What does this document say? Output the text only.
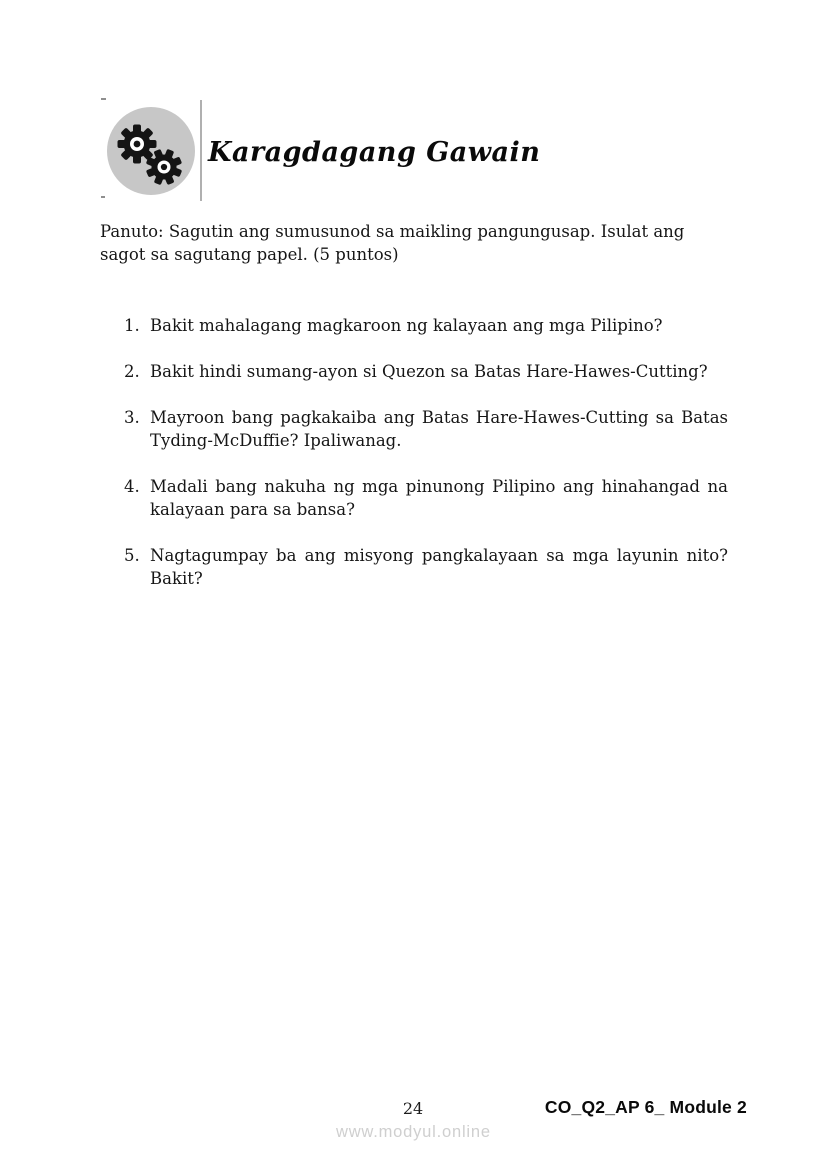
Karagdagang Gawain

Panuto: Sagutin ang sumusunod sa maikling pangungusap. Isulat ang sagot sa sagutang papel. (5 puntos)

Bakit mahalagang magkaroon ng kalayaan ang mga Pilipino?
Bakit hindi sumang-ayon si Quezon sa Batas Hare-Hawes-Cutting?
Mayroon bang pagkakaiba ang Batas Hare-Hawes-Cutting sa Batas Tyding-McDuffie? Ipaliwanag.
Madali bang nakuha ng mga pinunong Pilipino ang hinahangad na kalayaan para sa bansa?
Nagtagumpay ba ang misyong pangkalayaan sa mga layunin nito? Bakit?
24	CO_Q2_AP 6_ Module 2
www.modyul.online
